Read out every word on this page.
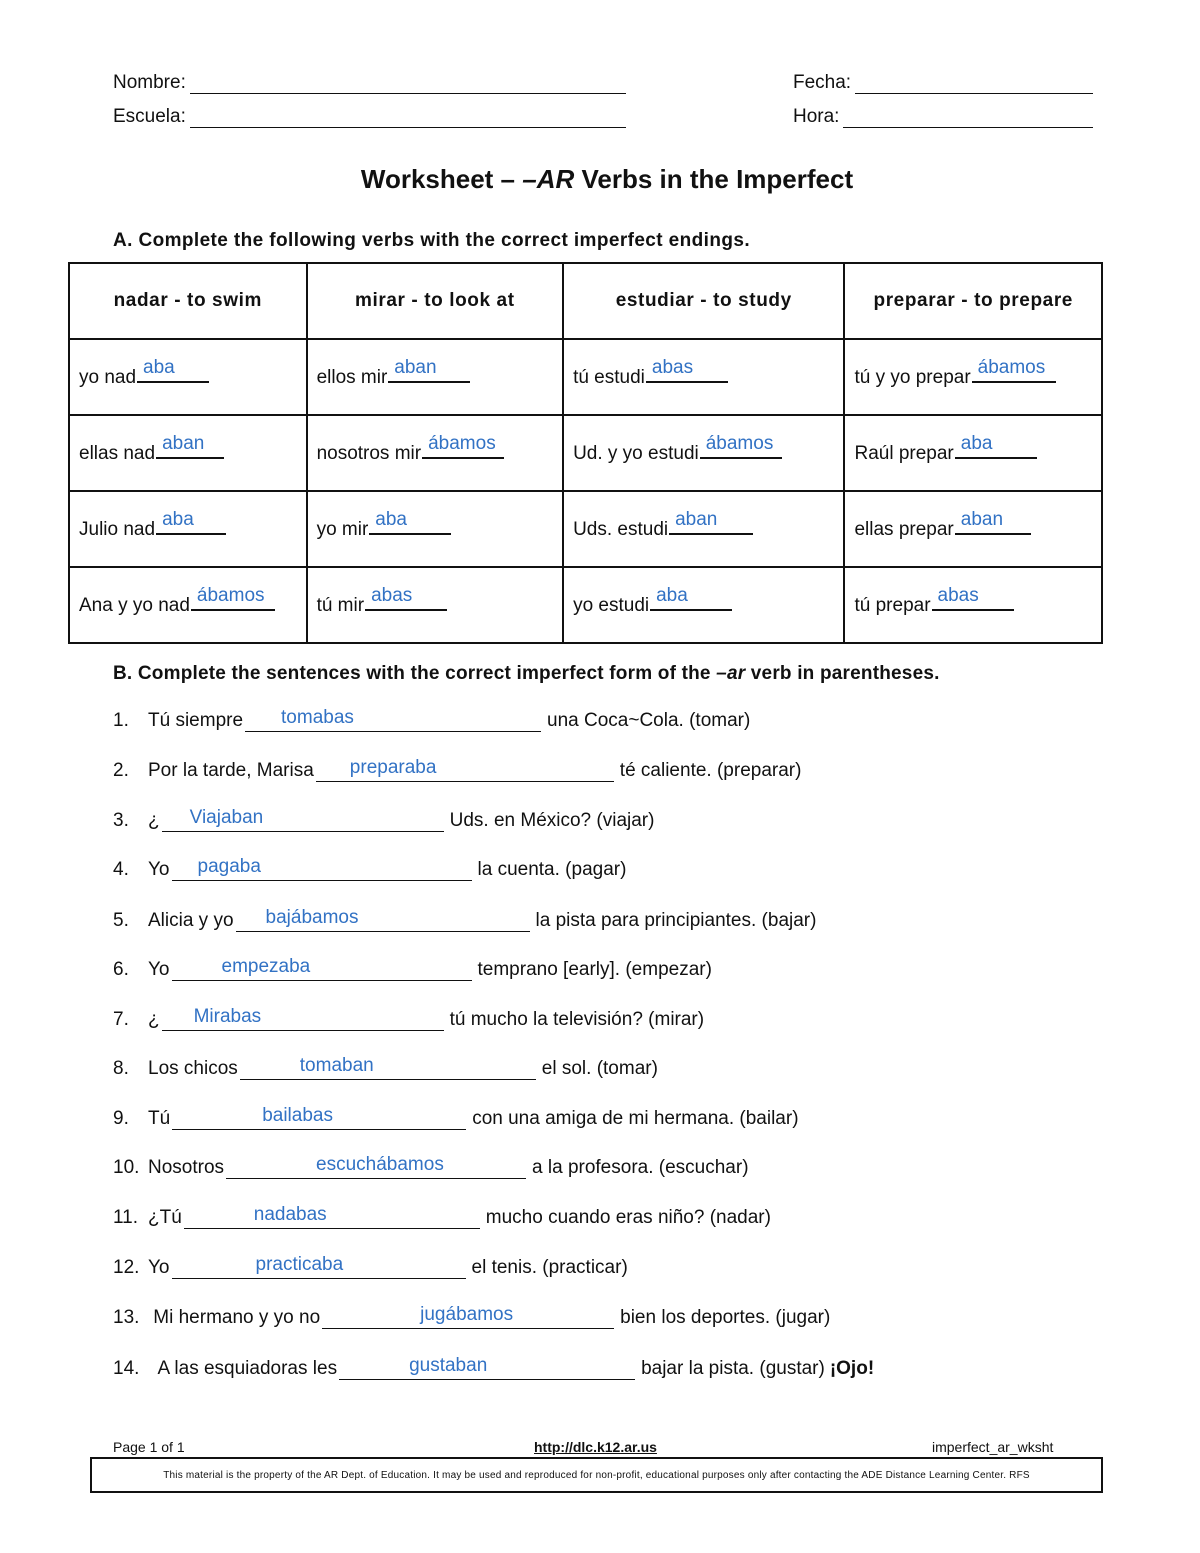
Nombre:
Escuela:
Fecha:
Hora:
Worksheet – –AR Verbs in the Imperfect
A. Complete the following verbs with the correct imperfect endings.
nadar - to swim	mirar - to look at	estudiar - to study	preparar - to prepare
yo nad aba	ellos mir aban	tú estudi abas	tú y yo prepar ábamos

ellas nad aban	nosotros mir ábamos	Ud. y yo estudi ábamos	Raúl prepar aba

Julio nad aba	yo mir aba	Uds. estudi aban	ellas prepar aban

Ana y yo nad ábamos	tú mir abas	yo estudi aba	tú prepar abas
B. Complete the sentences with the correct imperfect form of the –ar verb in parentheses.
1.	Tú siempre tomabas	una Coca~Cola. (tomar)
2.	Por la tarde, Marisa preparaba	té caliente. (preparar)
3.	¿ Viajaban	Uds. en México? (viajar)
4.	Yo pagaba	la cuenta. (pagar)
5.	Alicia y yo bajábamos	la pista para principiantes. (bajar)
6.	Yo	empezaba	temprano [early]. (empezar)
7.	¿ Mirabas	tú mucho la televisión? (mirar)
8.	Los chicos	tomaban	el sol. (tomar)
9.	Tú	bailabas	con una amiga de mi hermana. (bailar)
10. Nosotros	escuchábamos	a la profesora. (escuchar)
11. ¿Tú	nadabas	mucho cuando eras niño? (nadar)
12. Yo	practicaba	el tenis. (practicar)
13. Mi hermano y yo no	jugábamos	bien los deportes. (jugar)
14. A las esquiadoras les	gustaban	bajar la pista. (gustar) ¡Ojo!
Page 1 of 1	http://dlc.k12.ar.us	imperfect_ar_wksht
This material is the property of the AR Dept. of Education. It may be used and reproduced for non-profit, educational purposes only after contacting the ADE Distance Learning Center. RFS
